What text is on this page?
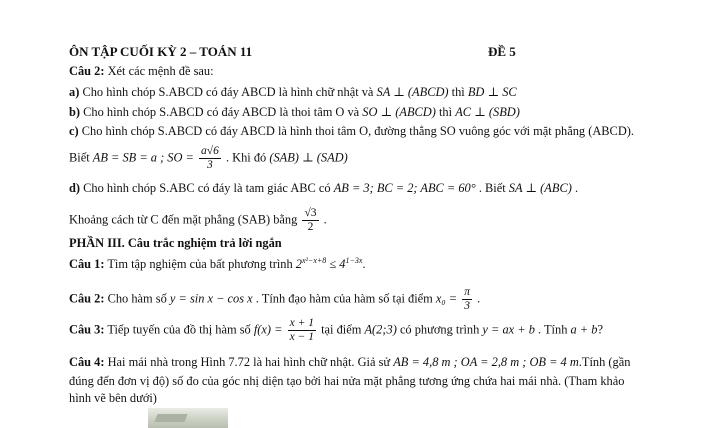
ÔN TẬP CUỐI KỲ 2 – TOÁN 11	ĐỀ 5
Câu 2: Xét các mệnh đề sau:
a) Cho hình chóp S.ABCD có đáy ABCD là hình chữ nhật và SA ⊥ (ABCD) thì BD ⊥ SC
b) Cho hình chóp S.ABCD có đáy ABCD là thoi tâm O và SO ⊥ (ABCD) thì AC ⊥ (SBD)
c) Cho hình chóp S.ABCD có đáy ABCD là hình thoi tâm O, đường thẳng SO vuông góc với mặt phẳng (ABCD).
Biết AB = SB = a ; SO = $\frac{a√6}{3}$ . Khi đó (SAB) ⊥ (SAD)
d) Cho hình chóp S.ABC có đáy là tam giác ABC có AB = 3; BC = 2; ABC = 60° . Biết SA ⊥ (ABC) .
Khoảng cách từ C đến mặt phẳng (SAB) bằng $\frac{√3}{2}$ .
PHẦN III. Câu trắc nghiệm trả lời ngắn
Câu 1: Tìm tập nghiệm của bất phương trình $2^{x^2-x+8} \le 4^{1-3x}$.
Câu 2: Cho hàm số y = sin x − cos x . Tính đạo hàm của hàm số tại điểm $x_0 = \frac{\pi}{3}$ .
Câu 3: Tiếp tuyến của đồ thị hàm số $f(x) = \frac{x + 1}{x - 1}$ tại điểm A(2;3) có phương trình y = ax + b . Tính a + b?
Câu 4: Hai mái nhà trong Hình 7.72 là hai hình chữ nhật. Giả sử AB = 4,8 m ; OA = 2,8 m ; OB = 4 m.Tính (gần
đúng đến đơn vị độ) số đo của góc nhị diện tạo bởi hai nửa mặt phẳng tương ứng chứa hai mái nhà. (Tham khảo
hình vẽ bên dưới)
